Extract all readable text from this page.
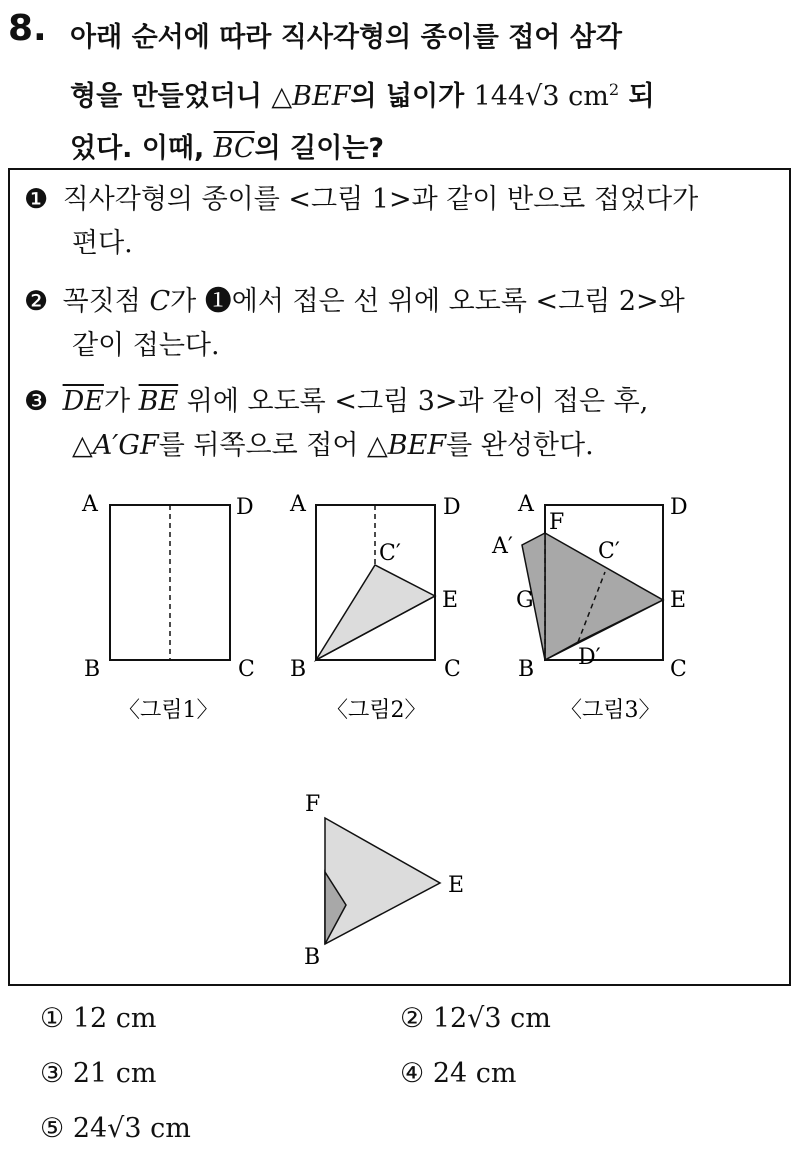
8. 아래 순서에 따라 직사각형의 종이를 접어 삼각
형을 만들었더니 △BEF의 넓이가 144√3 $cm^2$ 되
었다. 이때, $\overline{BC}$의 길이는?
❶ 직사각형의 종이를 <그림 1>과 같이 반으로 접었다가
편다.
❷ 꼭짓점 C가 ❶에서 접은 선 위에 오도록 <그림 2>와
같이 접는다.
❸ $\overline{DE}$가 $\overline{BE}$ 위에 오도록 <그림 3>과 같이 접은 후,
△A′GF를 뒤쪽으로 접어 △BEF를 완성한다.
A	D
B	C
〈그림1〉
A	D
C′
E
B	C
〈그림2〉
A	D
F
A′	C′
G	E
D′
B	C
〈그림3〉
F
E
B
① 12 cm	② 12√3 cm
③ 21 cm	④ 24 cm
⑤ 24√3 cm
